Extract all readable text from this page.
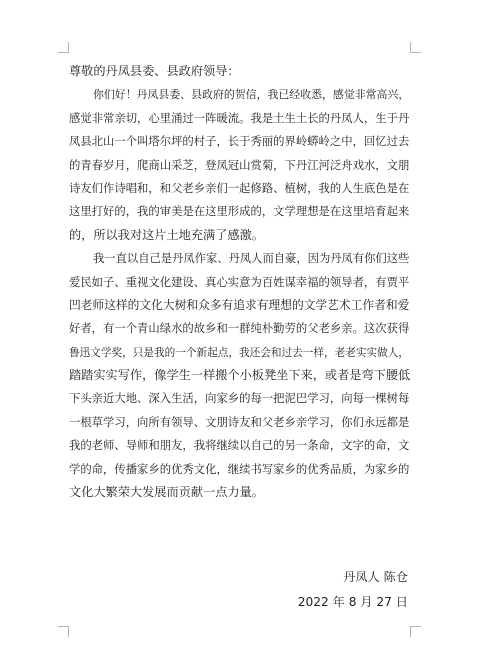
尊敬的丹凤县委、县政府领导：
你们好！丹凤县委、县政府的贺信，我已经收悉，感觉非常高兴，
感觉非常亲切，心里涌过一阵暖流。我是土生土长的丹凤人，生于丹
凤县北山一个叫塔尔坪的村子，长于秀丽的界岭蟒岭之中，回忆过去
的青春岁月，爬商山采芝，登凤冠山赏菊，下丹江河泛舟戏水，文朋
诗友们作诗唱和，和父老乡亲们一起修路、植树，我的人生底色是在
这里打好的，我的审美是在这里形成的，文学理想是在这里培育起来
的，所以我对这片土地充满了感激。
我一直以自己是丹凤作家、丹凤人而自豪，因为丹凤有你们这些
爱民如子、重视文化建设、真心实意为百姓谋幸福的领导者，有贾平
凹老师这样的文化大树和众多有追求有理想的文学艺术工作者和爱
好者，有一个青山绿水的故乡和一群纯朴勤劳的父老乡亲。这次获得
鲁迅文学奖，只是我的一个新起点，我还会和过去一样，老老实实做人，
踏踏实实写作，像学生一样搬个小板凳坐下来，或者是弯下腰低
下头亲近大地、深入生活，向家乡的每一把泥巴学习，向每一棵树每
一根草学习，向所有领导、文朋诗友和父老乡亲学习，你们永远都是
我的老师、导师和朋友，我将继续以自己的另一条命，文字的命，文
学的命，传播家乡的优秀文化，继续书写家乡的优秀品质，为家乡的
文化大繁荣大发展而贡献一点力量。
丹凤人 陈仓
2022 年 8 月 27 日
